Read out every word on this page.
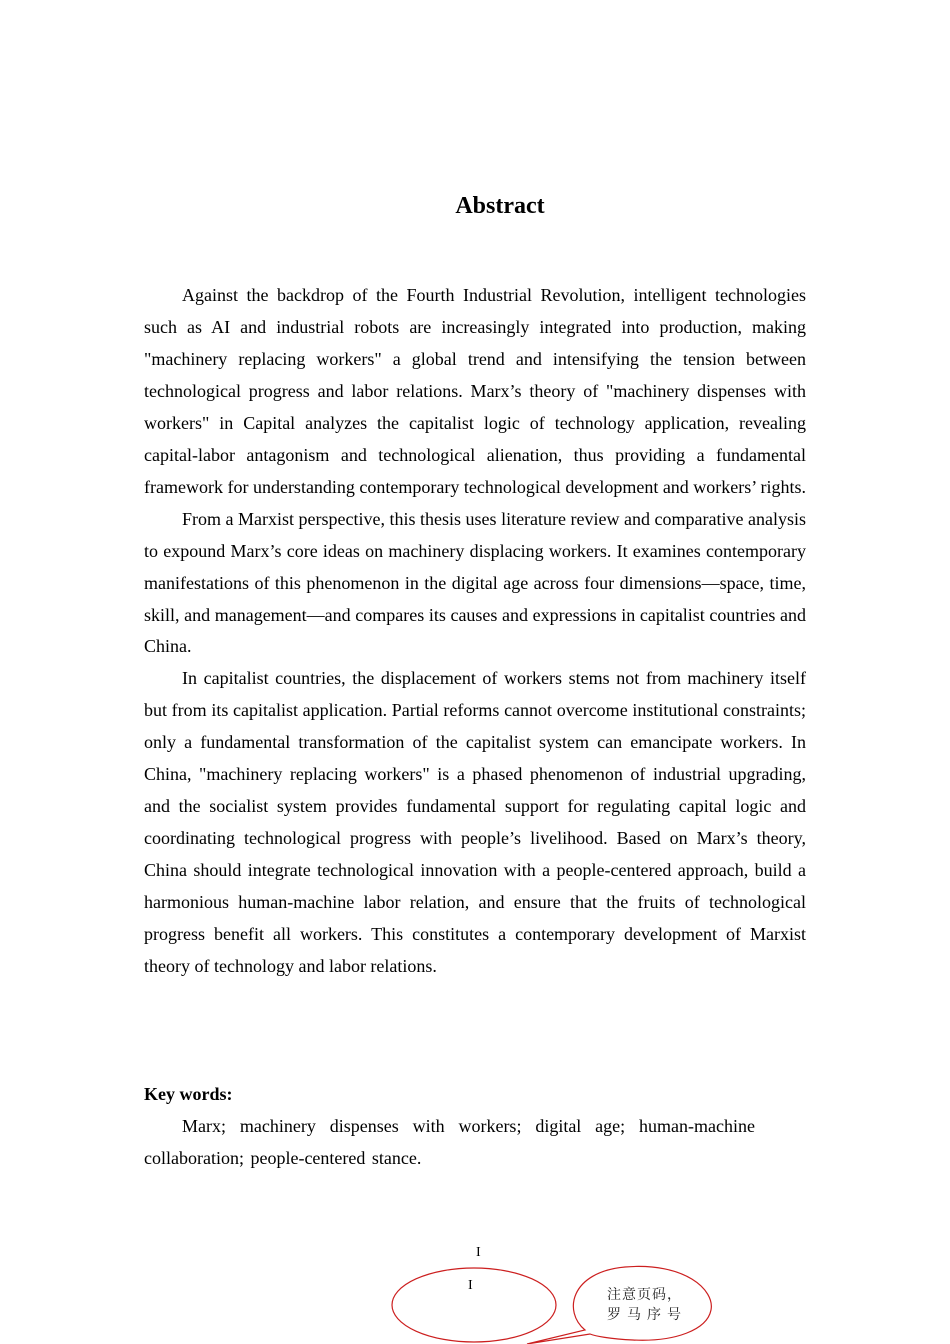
Abstract

Against the backdrop of the Fourth Industrial Revolution, intelligent technologies such as AI and industrial robots are increasingly integrated into production, making "machinery replacing workers" a global trend and intensifying the tension between technological progress and labor relations. Marx’s theory of "machinery dispenses with workers" in Capital analyzes the capitalist logic of technology application, revealing capital-labor antagonism and technological alienation, thus providing a fundamental framework for understanding contemporary technological development and workers’ rights.

From a Marxist perspective, this thesis uses literature review and comparative analysis to expound Marx’s core ideas on machinery displacing workers. It examines contemporary manifestations of this phenomenon in the digital age across four dimensions—space, time, skill, and management—and compares its causes and expressions in capitalist countries and China.

In capitalist countries, the displacement of workers stems not from machinery itself but from its capitalist application. Partial reforms cannot overcome institutional constraints; only a fundamental transformation of the capitalist system can emancipate workers. In China, "machinery replacing workers" is a phased phenomenon of industrial upgrading, and the socialist system provides fundamental support for regulating capital logic and coordinating technological progress with people’s livelihood. Based on Marx’s theory, China should integrate technological innovation with a people-centered approach, build a harmonious human-machine labor relation, and ensure that the fruits of technological progress benefit all workers. This constitutes a contemporary development of Marxist theory of technology and labor relations.

Key words:

Marx; machinery dispenses with workers; digital age; human-machine collaboration; people-centered stance.

I
I
注意页码，罗马序号
